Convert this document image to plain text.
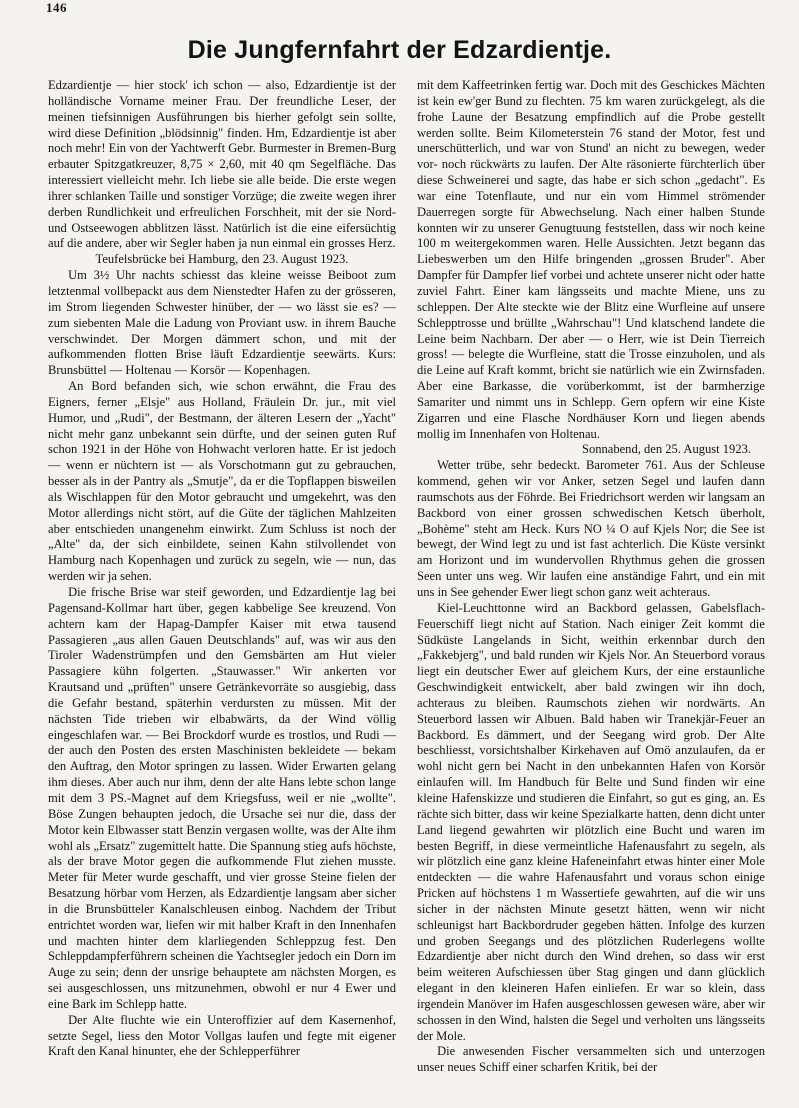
146
Die Jungfernfahrt der Edzardientje.

Edzardientje — hier stock' ich schon — also, Edzardientje ist der holländische Vorname meiner Frau. Der freundliche Leser, der meinen tiefsinnigen Ausführungen bis hierher gefolgt sein sollte, wird diese Definition „blödsinnig" finden. Hm, Edzardientje ist aber noch mehr! Ein von der Yachtwerft Gebr. Burmester in Bremen-Burg erbauter Spitzgatkreuzer, 8,75 × 2,60, mit 40 qm Segelfläche. Das interessiert vielleicht mehr. Ich liebe sie alle beide. Die erste wegen ihrer schlanken Taille und sonstiger Vorzüge; die zweite wegen ihrer derben Rundlichkeit und erfreulichen Forschheit, mit der sie Nord- und Ostseewogen abblitzen lässt. Natürlich ist die eine eifersüchtig auf die andere, aber wir Segler haben ja nun einmal ein grosses Herz.

Teufelsbrücke bei Hamburg, den 23. August 1923.

Um 3½ Uhr nachts schiesst das kleine weisse Beiboot zum letztenmal vollbepackt aus dem Nienstedter Hafen zu der grösseren, im Strom liegenden Schwester hinüber, der — wo lässt sie es? — zum siebenten Male die Ladung von Proviant usw. in ihrem Bauche verschwindet. Der Morgen dämmert schon, und mit der aufkommenden flotten Brise läuft Edzardientje seewärts. Kurs: Brunsbüttel — Holtenau — Korsör — Kopenhagen.

An Bord befanden sich, wie schon erwähnt, die Frau des Eigners, ferner „Elsje" aus Holland, Fräulein Dr. jur., mit viel Humor, und „Rudi", der Bestmann, der älteren Lesern der „Yacht" nicht mehr ganz unbekannt sein dürfte, und der seinen guten Ruf schon 1921 in der Höhe von Hohwacht verloren hatte. Er ist jedoch — wenn er nüchtern ist — als Vorschotmann gut zu gebrauchen, besser als in der Pantry als „Smutje", da er die Topflappen bisweilen als Wischlappen für den Motor gebraucht und umgekehrt, was den Motor allerdings nicht stört, auf die Güte der täglichen Mahlzeiten aber entschieden unangenehm einwirkt. Zum Schluss ist noch der „Alte" da, der sich einbildete, seinen Kahn stilvollendet von Hamburg nach Kopenhagen und zurück zu segeln, wie — nun, das werden wir ja sehen.

Die frische Brise war steif geworden, und Edzardientje lag bei Pagensand-Kollmar hart über, gegen kabbelige See kreuzend. Von achtern kam der Hapag-Dampfer Kaiser mit etwa tausend Passagieren „aus allen Gauen Deutschlands" auf, was wir aus den Tiroler Wadenstrümpfen und den Gemsbärten am Hut vieler Passagiere kühn folgerten. „Stauwasser." Wir ankerten vor Krautsand und „prüften" unsere Getränkevorräte so ausgiebig, dass die Gefahr bestand, späterhin verdursten zu müssen. Mit der nächsten Tide trieben wir elbabwärts, da der Wind völlig eingeschlafen war. — Bei Brockdorf wurde es trostlos, und Rudi — der auch den Posten des ersten Maschinisten bekleidete — bekam den Auftrag, den Motor springen zu lassen. Wider Erwarten gelang ihm dieses. Aber auch nur ihm, denn der alte Hans lebte schon lange mit dem 3 PS.-Magnet auf dem Kriegsfuss, weil er nie „wollte". Böse Zungen behaupten jedoch, die Ursache sei nur die, dass der Motor kein Elbwasser statt Benzin vergasen wollte, was der Alte ihm wohl als „Ersatz" zugemittelt hatte. Die Spannung stieg aufs höchste, als der brave Motor gegen die aufkommende Flut ziehen musste. Meter für Meter wurde geschafft, und vier grosse Steine fielen der Besatzung hörbar vom Herzen, als Edzardientje langsam aber sicher in die Brunsbütteler Kanalschleusen einbog. Nachdem der Tribut entrichtet worden war, liefen wir mit halber Kraft in den Innenhafen und machten hinter dem klarliegenden Schleppzug fest. Den Schleppdampferführern scheinen die Yachtsegler jedoch ein Dorn im Auge zu sein; denn der unsrige behauptete am nächsten Morgen, es sei ausgeschlossen, uns mitzunehmen, obwohl er nur 4 Ewer und eine Bark im Schlepp hatte.

Der Alte fluchte wie ein Unteroffizier auf dem Kasernenhof, setzte Segel, liess den Motor Vollgas laufen und fegte mit eigener Kraft den Kanal hinunter, ehe der Schlepperführer

mit dem Kaffeetrinken fertig war. Doch mit des Geschickes Mächten ist kein ew'ger Bund zu flechten. 75 km waren zurückgelegt, als die frohe Laune der Besatzung empfindlich auf die Probe gestellt werden sollte. Beim Kilometerstein 76 stand der Motor, fest und unerschütterlich, und war von Stund' an nicht zu bewegen, weder vor- noch rückwärts zu laufen. Der Alte räsonierte fürchterlich über diese Schweinerei und sagte, das habe er sich schon „gedacht". Es war eine Totenflaute, und nur ein vom Himmel strömender Dauerregen sorgte für Abwechselung. Nach einer halben Stunde konnten wir zu unserer Genugtuung feststellen, dass wir noch keine 100 m weitergekommen waren. Helle Aussichten. Jetzt begann das Liebeswerben um den Hilfe bringenden „grossen Bruder". Aber Dampfer für Dampfer lief vorbei und achtete unserer nicht oder hatte zuviel Fahrt. Einer kam längsseits und machte Miene, uns zu schleppen. Der Alte steckte wie der Blitz eine Wurfleine auf unsere Schlepptrosse und brüllte „Wahrschau"! Und klatschend landete die Leine beim Nachbarn. Der aber — o Herr, wie ist Dein Tierreich gross! — belegte die Wurfleine, statt die Trosse einzuholen, und als die Leine auf Kraft kommt, bricht sie natürlich wie ein Zwirnsfaden. Aber eine Barkasse, die vorüberkommt, ist der barmherzige Samariter und nimmt uns in Schlepp. Gern opfern wir eine Kiste Zigarren und eine Flasche Nordhäuser Korn und liegen abends mollig im Innenhafen von Holtenau.

Sonnabend, den 25. August 1923.

Wetter trübe, sehr bedeckt. Barometer 761. Aus der Schleuse kommend, gehen wir vor Anker, setzen Segel und laufen dann raumschots aus der Föhrde. Bei Friedrichsort werden wir langsam an Backbord von einer grossen schwedischen Ketsch überholt, „Bohème" steht am Heck. Kurs NO ¼ O auf Kjels Nor; die See ist bewegt, der Wind legt zu und ist fast achterlich. Die Küste versinkt am Horizont und im wundervollen Rhythmus gehen die grossen Seen unter uns weg. Wir laufen eine anständige Fahrt, und ein mit uns in See gehender Ewer liegt schon ganz weit achteraus.

Kiel-Leuchttonne wird an Backbord gelassen, Gabelsflach-Feuerschiff liegt nicht auf Station. Nach einiger Zeit kommt die Südküste Langelands in Sicht, weithin erkennbar durch den „Fakkebjerg", und bald runden wir Kjels Nor. An Steuerbord voraus liegt ein deutscher Ewer auf gleichem Kurs, der eine erstaunliche Geschwindigkeit entwickelt, aber bald zwingen wir ihn doch, achteraus zu bleiben. Raumschots ziehen wir nordwärts. An Steuerbord lassen wir Albuen. Bald haben wir Tranekjär-Feuer an Backbord. Es dämmert, und der Seegang wird grob. Der Alte beschliesst, vorsichtshalber Kirkehaven auf Omö anzulaufen, da er wohl nicht gern bei Nacht in den unbekannten Hafen von Korsör einlaufen will. Im Handbuch für Belte und Sund finden wir eine kleine Hafenskizze und studieren die Einfahrt, so gut es ging, an. Es rächte sich bitter, dass wir keine Spezialkarte hatten, denn dicht unter Land liegend gewahrten wir plötzlich eine Bucht und waren im besten Begriff, in diese vermeintliche Hafenausfahrt zu segeln, als wir plötzlich eine ganz kleine Hafeneinfahrt etwas hinter einer Mole entdeckten — die wahre Hafenausfahrt und voraus schon einige Pricken auf höchstens 1 m Wassertiefe gewahrten, auf die wir uns sicher in der nächsten Minute gesetzt hätten, wenn wir nicht schleunigst hart Backbordruder gegeben hätten. Infolge des kurzen und groben Seegangs und des plötzlichen Ruderlegens wollte Edzardientje aber nicht durch den Wind drehen, so dass wir erst beim weiteren Aufschiessen über Stag gingen und dann glücklich elegant in den kleineren Hafen einliefen. Er war so klein, dass irgendein Manöver im Hafen ausgeschlossen gewesen wäre, aber wir schossen in den Wind, halsten die Segel und verholten uns längsseits der Mole.

Die anwesenden Fischer versammelten sich und unterzogen unser neues Schiff einer scharfen Kritik, bei der
